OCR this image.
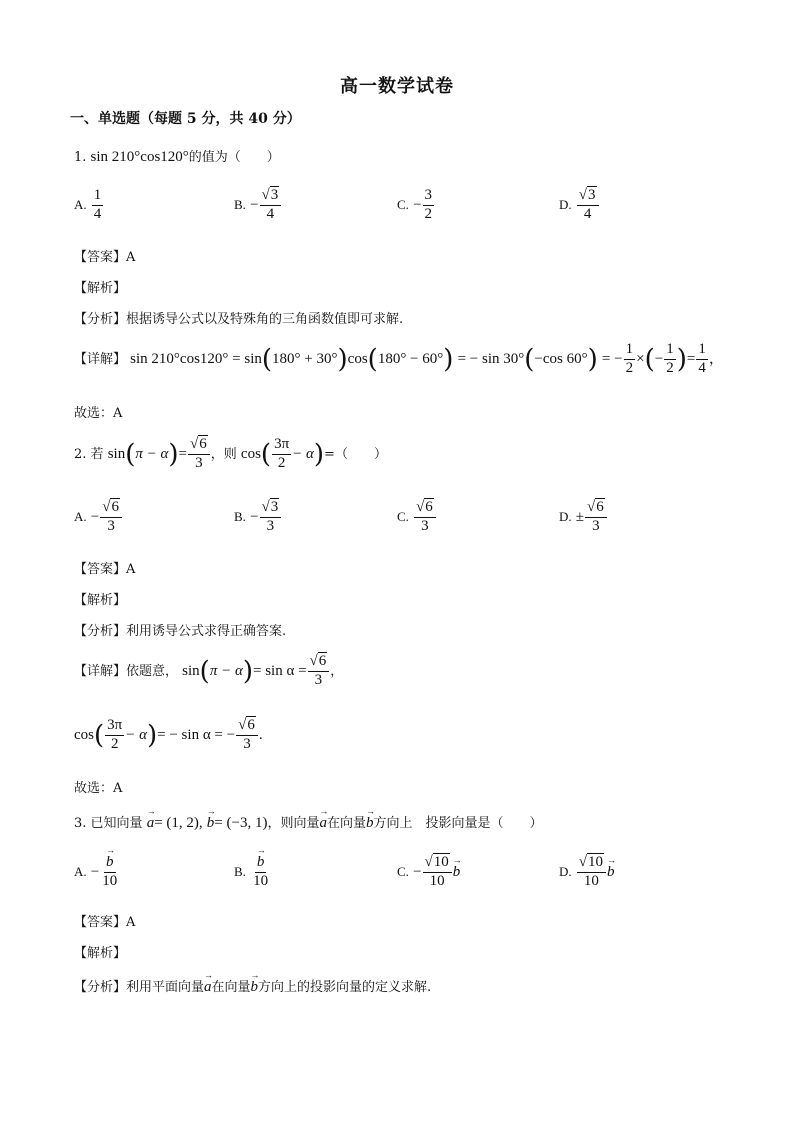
高一数学试卷
一、单选题（每题 5 分，共 40 分）
1. sin 210°cos120°的值为（　　）
A. $\frac{1}{4}$	B. − $\frac{√3}{4}$	C. − $\frac{3}{2}$	D. $\frac{√3}{4}$
【答案】A
【解析】
【分析】根据诱导公式以及特殊角的三角函数值即可求解.
【详解】 sin 210°cos120° = sin(180° + 30°)cos(180° − 60°) = − sin 30°(−cos 60°) = − $\frac{1}{2}$ ×(− $\frac{1}{2}$ )= $\frac{1}{4}$ ，
故选：A
2. 若 $\sin(\pi - \alpha)= \frac{√6}{3}$ ，则 $\cos( \frac{3\pi}{2} - \alpha)=$（　　）
A. − $\frac{√6}{3}$	B. − $\frac{√3}{3}$	C. $\frac{√6}{3}$	D. ± $\frac{√6}{3}$
【答案】A
【解析】
【分析】利用诱导公式求得正确答案.
【详解】依题意， $\sin(\pi - \alpha)= \sin \alpha = \frac{√6}{3}$ ，
$\cos( \frac{3\pi}{2} - \alpha)= - \sin \alpha$ = − $\frac{√6}{3}$ .
故选：A
3. 已知向量 → a= (1, 2), → b= (−3, 1)，则向量→ a在向量→ b方向上　投影向量是（　　）
A. −
→ $\frac{b}{10}$	B.
→ $\frac{b}{10}$	C. − $\frac{√10}{10}$
→ b	D. $\frac{√10}{10}$
→ b
【答案】A
【解析】
【分析】利用平面向量→ a在向量→ b方向上的投影向量的定义求解.
